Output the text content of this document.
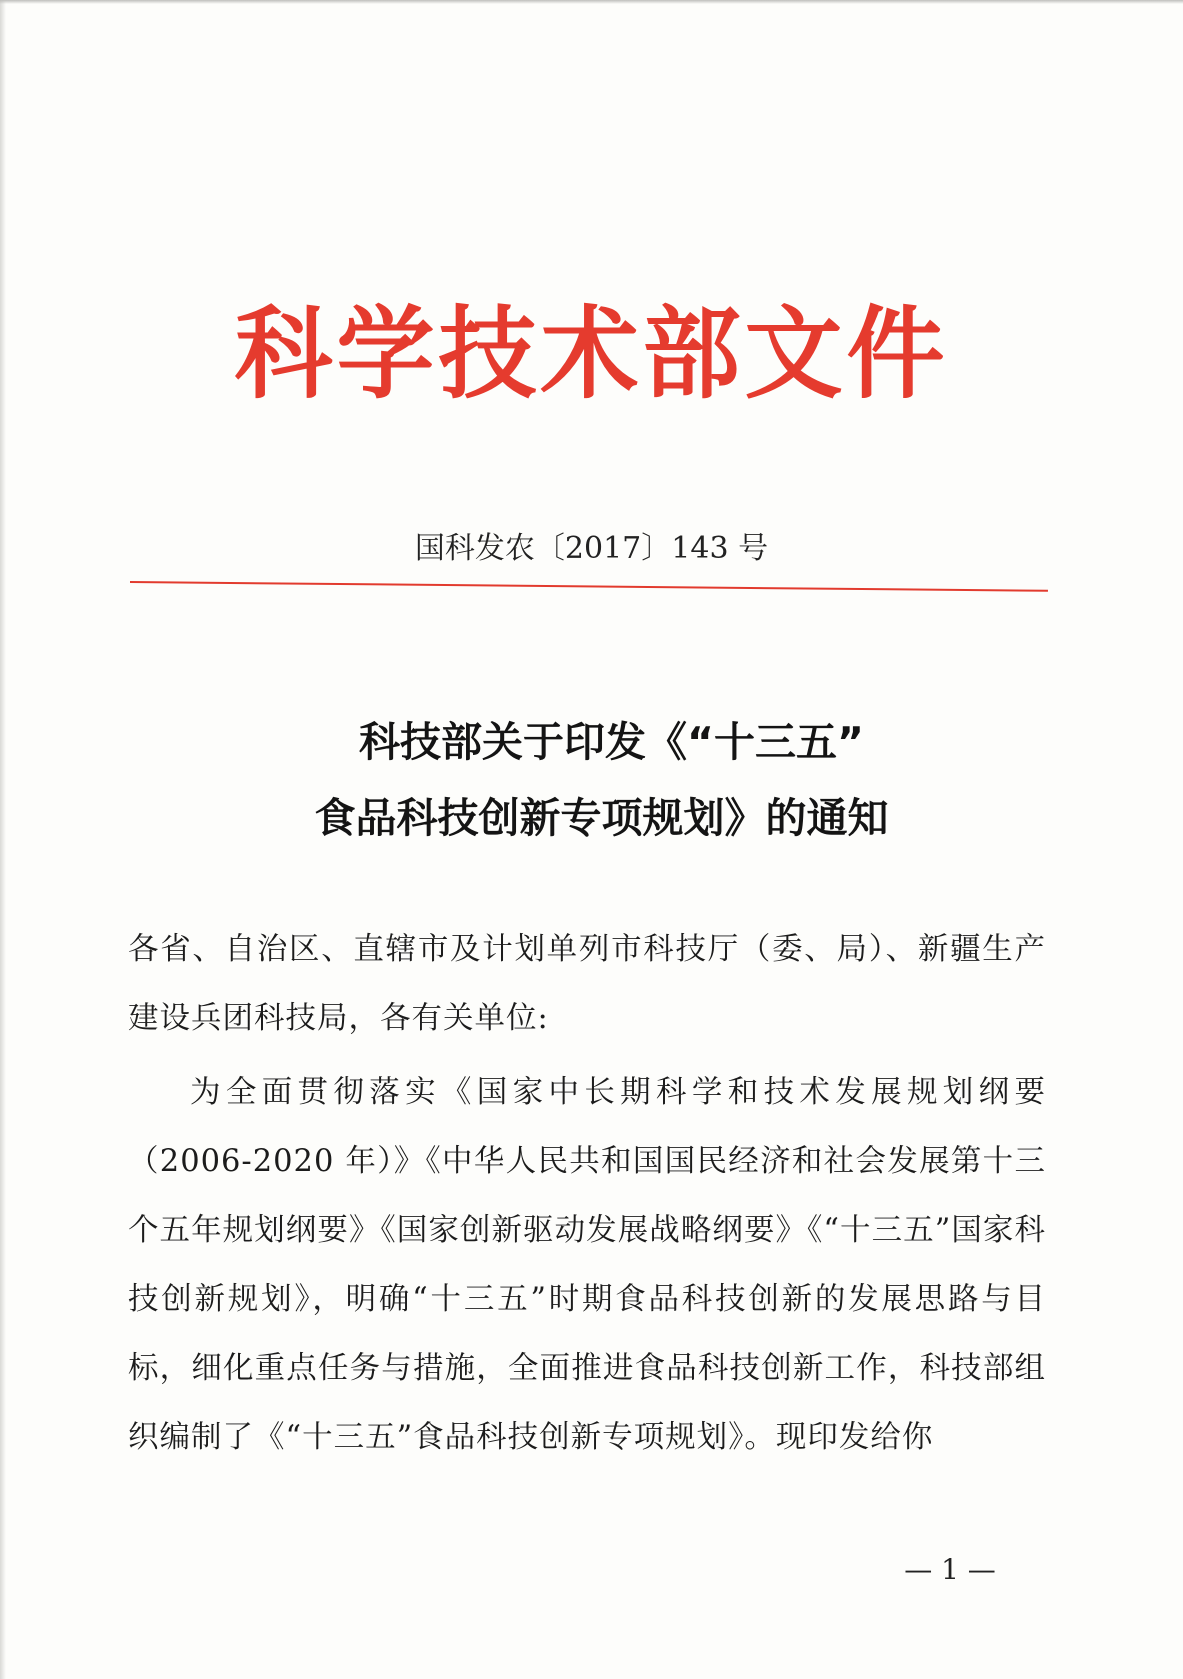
科学技术部文件
国科发农〔2017〕143 号
科技部关于印发《“十三五”
食品科技创新专项规划》的通知
各省、自治区、直辖市及计划单列市科技厅（委、局）、新疆生产建设兵团科技局，各有关单位:
为全面贯彻落实《国家中长期科学和技术发展规划纲要（2006-2020 年）》《中华人民共和国国民经济和社会发展第十三个五年规划纲要》《国家创新驱动发展战略纲要》《“十三五”国家科技创新规划》，明确“十三五”时期食品科技创新的发展思路与目标，细化重点任务与措施，全面推进食品科技创新工作，科技部组织编制了《“十三五”食品科技创新专项规划》。现印发给你
— 1 —
